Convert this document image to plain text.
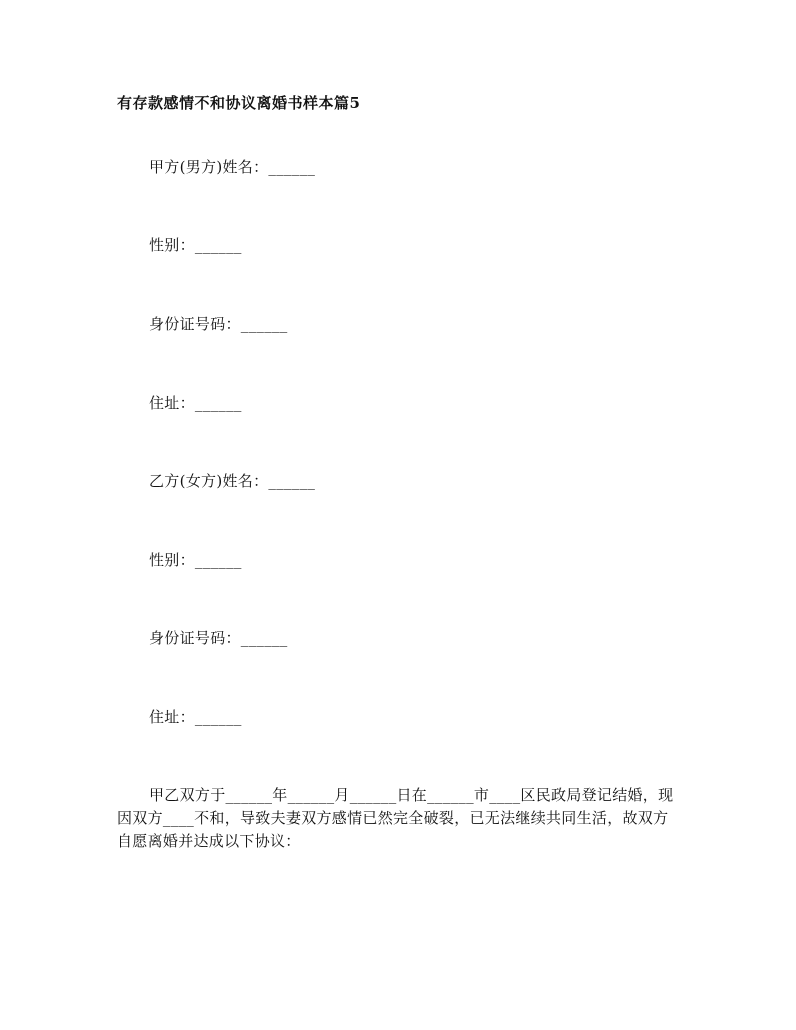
有存款感情不和协议离婚书样本篇5
甲方(男方)姓名：______
性别：______
身份证号码：______
住址：______
乙方(女方)姓名：______
性别：______
身份证号码：______
住址：______
甲乙双方于______年______月______日在______市____区民政局登记结婚，现
因双方____不和，导致夫妻双方感情已然完全破裂，已无法继续共同生活，故双方
自愿离婚并达成以下协议：
